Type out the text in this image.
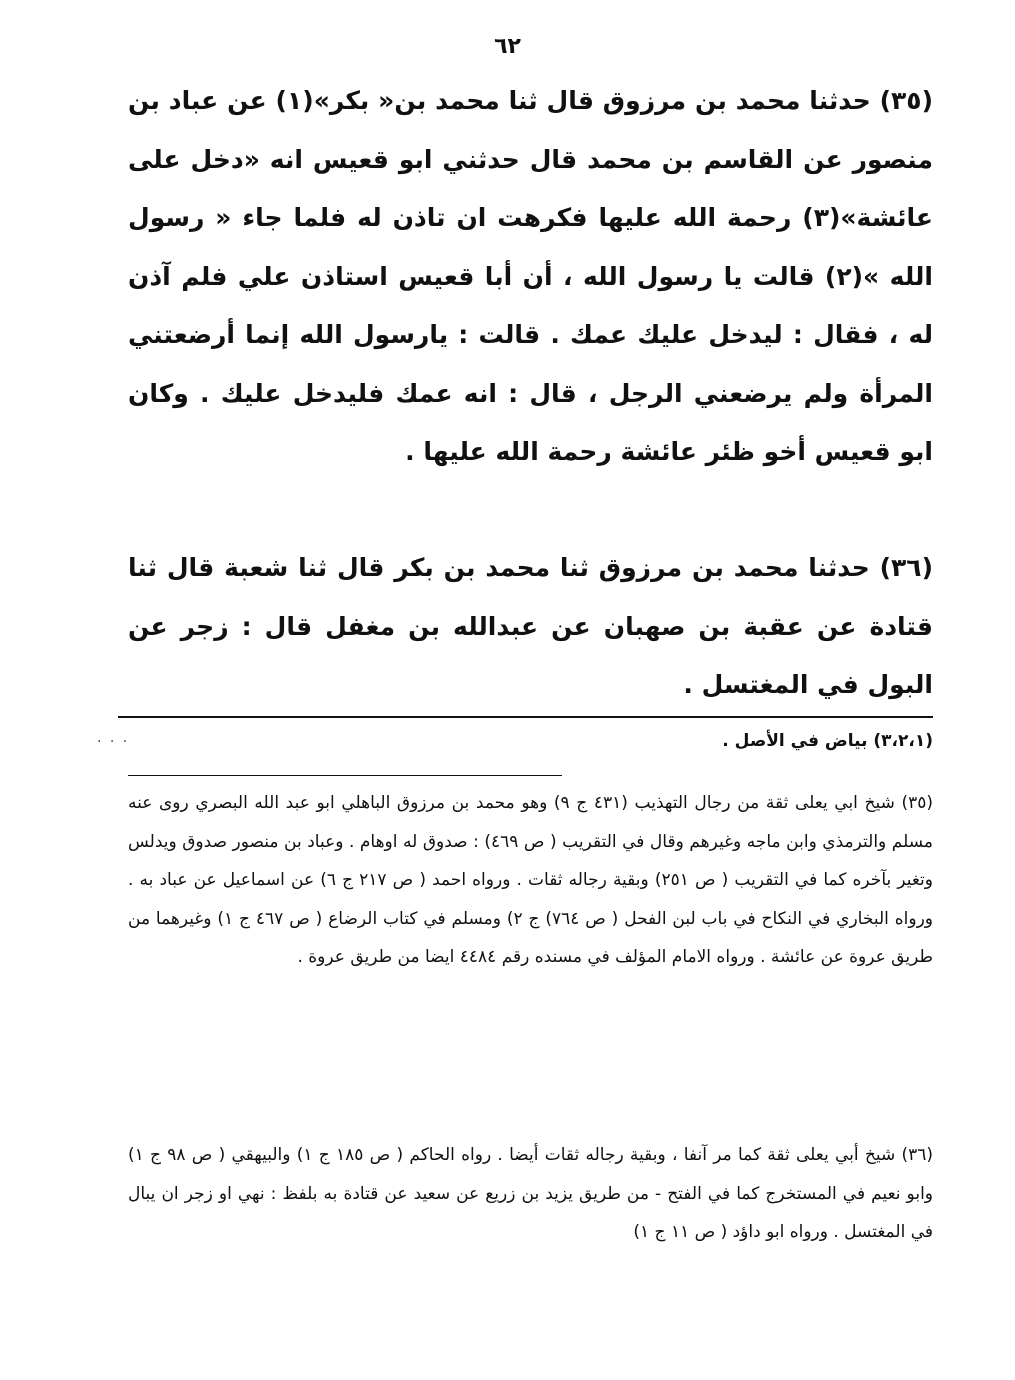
٦٢

(٣٥) حدثنا محمد بن مرزوق قال ثنا محمد بن« بكر»(١) عن عباد بن منصور عن القاسم بن محمد قال حدثني ابو قعيس انه «دخل على عائشة»(٣) رحمة الله عليها فكرهت ان تاذن له فلما جاء « رسول الله »(٢) قالت يا رسول الله ، أن أبا قعيس استاذن علي فلم آذن له ، فقال : ليدخل عليك عمك . قالت : يارسول الله إنما أرضعتني المرأة ولم يرضعني الرجل ، قال : انه عمك فليدخل عليك . وكان ابو قعيس أخو ظئر عائشة رحمة الله عليها .

(٣٦) حدثنا محمد بن مرزوق ثنا محمد بن بكر قال ثنا شعبة قال ثنا قتادة عن عقبة بن صهبان عن عبدالله بن مغفل قال : زجر عن البول في المغتسل .

· · ·	(٣،٢،١) بياض في الأصل .

(٣٥) شيخ ابي يعلى ثقة من رجال التهذيب (٤٣١ ج ٩) وهو محمد بن مرزوق الباهلي ابو عبد الله البصري روى عنه مسلم والترمذي وابن ماجه وغيرهم وقال في التقريب ( ص ٤٦٩) : صدوق له اوهام . وعباد بن منصور صدوق ويدلس وتغير بآخره كما في التقريب ( ص ٢٥١) وبقية رجاله ثقات . ورواه احمد ( ص ٢١٧ ج ٦) عن اسماعيل عن عباد به . ورواه البخاري في النكاح في باب لبن الفحل ( ص ٧٦٤) ج ٢) ومسلم في كتاب الرضاع ( ص ٤٦٧ ج ١) وغيرهما من طريق عروة عن عائشة . ورواه الامام المؤلف في مسنده رقم ٤٤٨٤ ايضا من طريق عروة .

(٣٦) شيخ أبي يعلى ثقة كما مر آنفا ، وبقية رجاله ثقات أيضا . رواه الحاكم ( ص ١٨٥ ج ١) والبيهقي ( ص ٩٨ ج ١) وابو نعيم في المستخرج كما في الفتح - من طريق يزيد بن زريع عن سعيد عن قتادة به بلفظ : نهي او زجر ان يبال في المغتسل . ورواه ابو داؤد ( ص ١١ ج ١)
